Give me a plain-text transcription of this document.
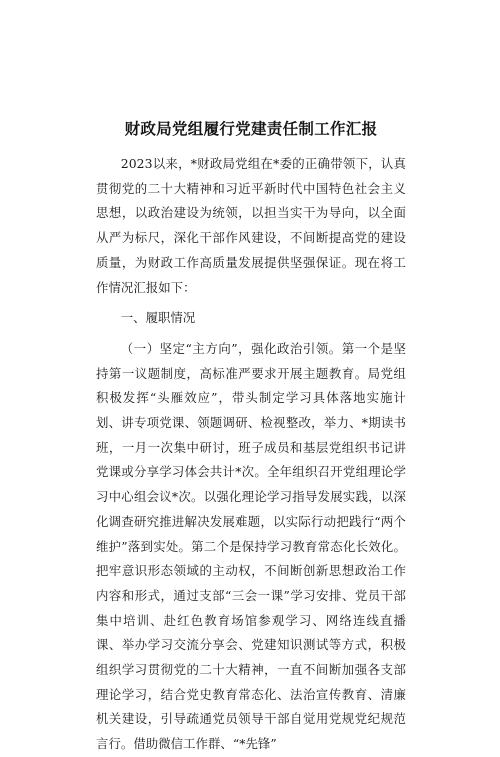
财政局党组履行党建责任制工作汇报

2023以来，*财政局党组在*委的正确带领下，认真贯彻党的二十大精神和习近平新时代中国特色社会主义思想，以政治建设为统领，以担当实干为导向，以全面从严为标尺，深化干部作风建设，不间断提高党的建设质量，为财政工作高质量发展提供坚强保证。现在将工作情况汇报如下：

一、履职情况

（一）坚定“主方向”，强化政治引领。第一个是坚持第一议题制度，高标准严要求开展主题教育。局党组积极发挥“头雁效应”，带头制定学习具体落地实施计划、讲专项党课、领题调研、检视整改，举力、*期读书班，一月一次集中研讨，班子成员和基层党组织书记讲党课或分享学习体会共计*次。全年组织召开党组理论学习中心组会议*次。以强化理论学习指导发展实践，以深化调查研究推进解决发展难题，以实际行动把践行“两个维护”落到实处。第二个是保持学习教育常态化长效化。把牢意识形态领域的主动权，不间断创新思想政治工作内容和形式，通过支部“三会一课”学习安排、党员干部集中培训、赴红色教育场馆参观学习、网络连线直播课、举办学习交流分享会、党建知识测试等方式，积极组织学习贯彻党的二十大精神，一直不间断加强各支部理论学习，结合党史教育常态化、法治宣传教育、清廉机关建设，引导疏通党员领导干部自觉用党规党纪规范言行。借助微信工作群、“*先锋”
